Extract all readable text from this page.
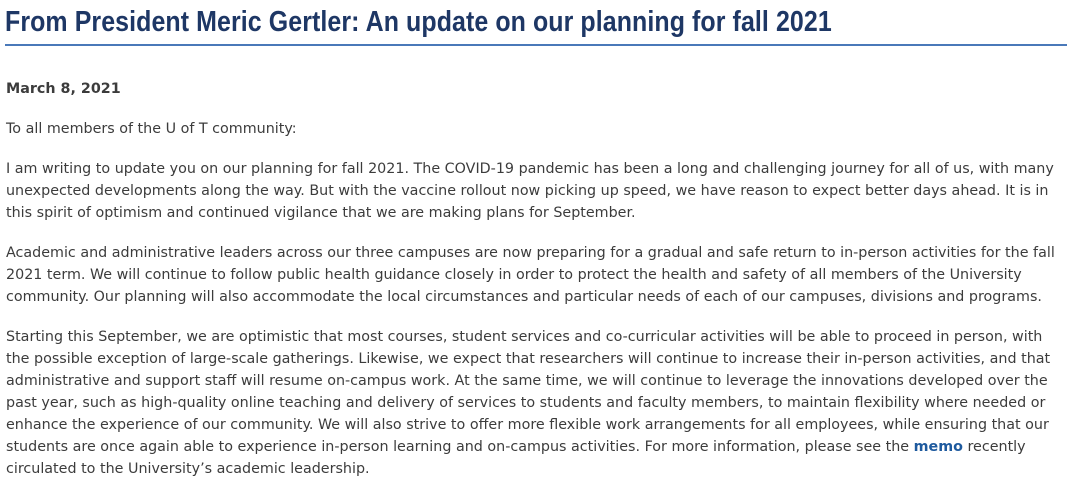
From President Meric Gertler: An update on our planning for fall 2021

March 8, 2021

To all members of the U of T community:

I am writing to update you on our planning for fall 2021. The COVID-19 pandemic has been a long and challenging journey for all of us, with many unexpected developments along the way. But with the vaccine rollout now picking up speed, we have reason to expect better days ahead. It is in this spirit of optimism and continued vigilance that we are making plans for September.

Academic and administrative leaders across our three campuses are now preparing for a gradual and safe return to in-person activities for the fall 2021 term. We will continue to follow public health guidance closely in order to protect the health and safety of all members of the University community. Our planning will also accommodate the local circumstances and particular needs of each of our campuses, divisions and programs.

Starting this September, we are optimistic that most courses, student services and co-curricular activities will be able to proceed in person, with the possible exception of large-scale gatherings. Likewise, we expect that researchers will continue to increase their in-person activities, and that administrative and support staff will resume on-campus work. At the same time, we will continue to leverage the innovations developed over the past year, such as high-quality online teaching and delivery of services to students and faculty members, to maintain flexibility where needed or enhance the experience of our community. We will also strive to offer more flexible work arrangements for all employees, while ensuring that our students are once again able to experience in-person learning and on-campus activities. For more information, please see the memo recently circulated to the University’s academic leadership.
